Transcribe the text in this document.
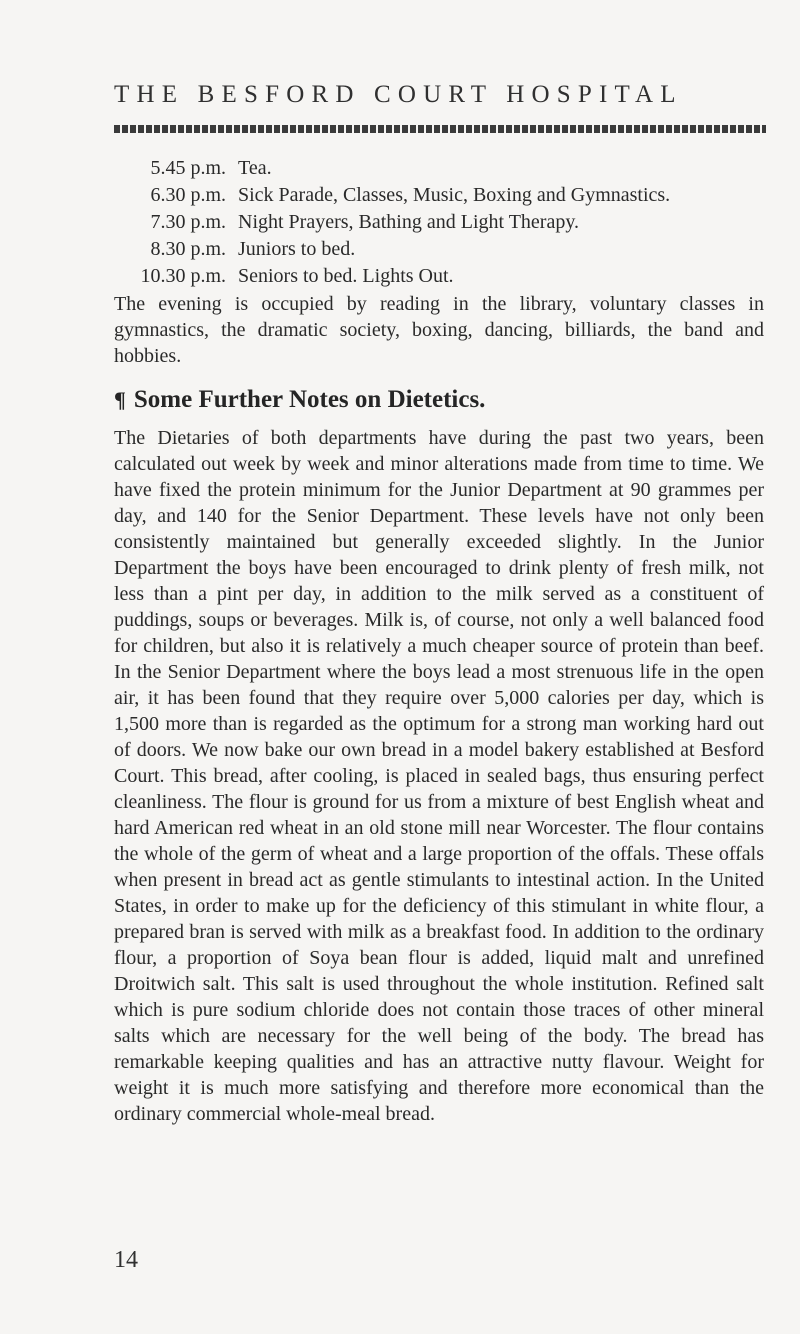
THE BESFORD COURT HOSPITAL
5.45 p.m. Tea.
6.30 p.m. Sick Parade, Classes, Music, Boxing and Gymnastics.
7.30 p.m. Night Prayers, Bathing and Light Therapy.
8.30 p.m. Juniors to bed.
10.30 p.m. Seniors to bed. Lights Out.

The evening is occupied by reading in the library, voluntary classes in gymnastics, the dramatic society, boxing, dancing, billiards, the band and hobbies.

¶ Some Further Notes on Dietetics.

The Dietaries of both departments have during the past two years, been calculated out week by week and minor alterations made from time to time. We have fixed the protein minimum for the Junior Department at 90 grammes per day, and 140 for the Senior Department. These levels have not only been consistently maintained but generally exceeded slightly. In the Junior Department the boys have been encouraged to drink plenty of fresh milk, not less than a pint per day, in addition to the milk served as a constituent of puddings, soups or beverages. Milk is, of course, not only a well balanced food for children, but also it is relatively a much cheaper source of protein than beef. In the Senior Department where the boys lead a most strenuous life in the open air, it has been found that they require over 5,000 calories per day, which is 1,500 more than is regarded as the optimum for a strong man working hard out of doors. We now bake our own bread in a model bakery established at Besford Court. This bread, after cooling, is placed in sealed bags, thus ensuring perfect cleanliness. The flour is ground for us from a mixture of best English wheat and hard American red wheat in an old stone mill near Worcester. The flour contains the whole of the germ of wheat and a large proportion of the offals. These offals when present in bread act as gentle stimulants to intestinal action. In the United States, in order to make up for the deficiency of this stimulant in white flour, a prepared bran is served with milk as a breakfast food. In addition to the ordinary flour, a proportion of Soya bean flour is added, liquid malt and unrefined Droitwich salt. This salt is used throughout the whole institution. Refined salt which is pure sodium chloride does not contain those traces of other mineral salts which are necessary for the well being of the body. The bread has remarkable keeping qualities and has an attractive nutty flavour. Weight for weight it is much more satisfying and therefore more economical than the ordinary commercial whole-meal bread.

14
